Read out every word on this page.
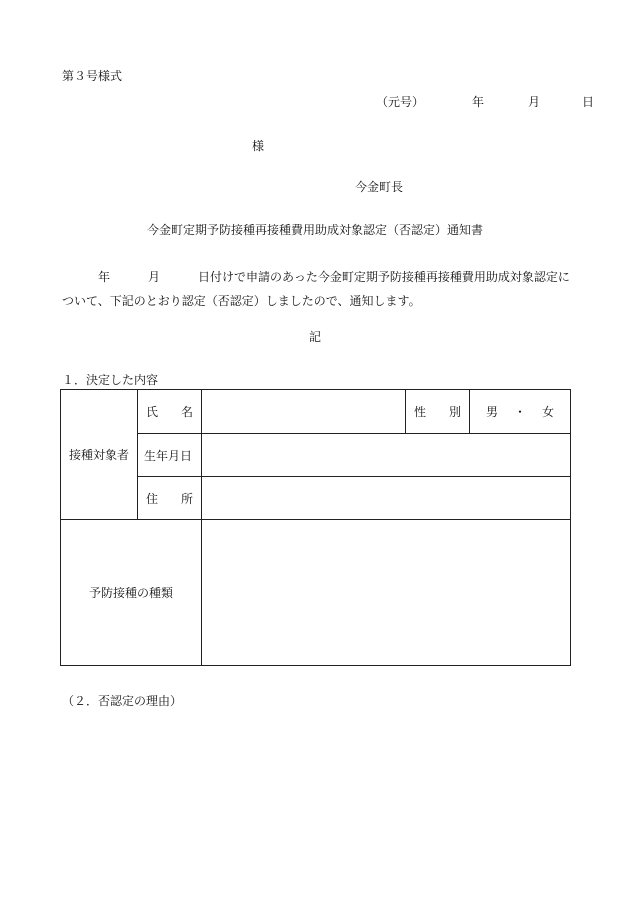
第３号様式
（元号）	年	月	日
様
今金町長
今金町定期予防接種再接種費用助成対象認定（否認定）通知書
年	月	日付けで申請のあった今金町定期予防接種再接種費用助成対象認定について、下記のとおり認定（否認定）しましたので、通知します。
記
１．決定した内容
接種対象者	氏 名		性 別	男 ・ 女

	生年月日			

	住 所			

予防接種の種類				
（２．否認定の理由）
